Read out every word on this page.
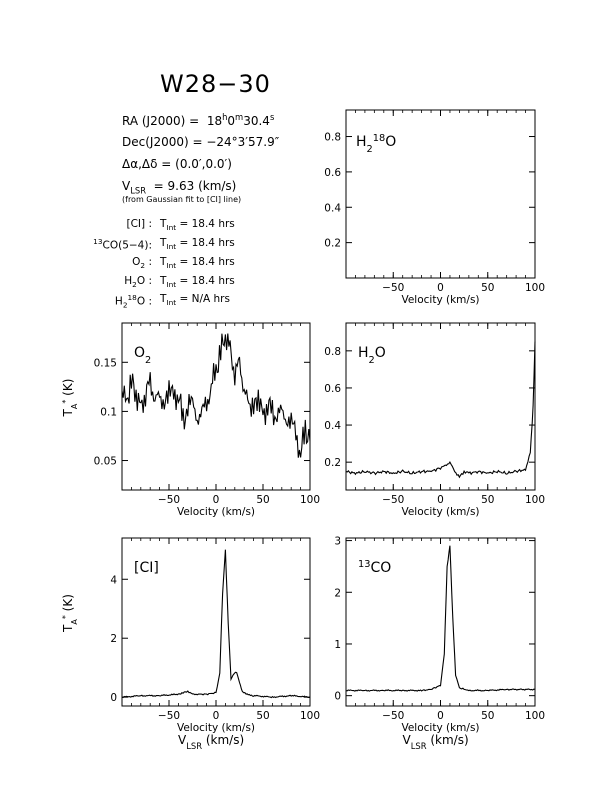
W28−30
RA (J2000) =  18$^h$0$^m$30.4$^s$
Dec(J2000) = −24°3′57.9″
Δα,Δδ = (0.0′,0.0′)
$V_{LSR} = 9.63$ (km/s)
(from Gaussian fit to [CI] line)
[CI] : $T_{Int} = 18.4$ hrs
$^{13}$CO(5−4): $T_{Int} = 18.4$ hrs
$O_2$ : $T_{Int} = 18.4$ hrs
$H_2O$ : $T_{Int} = 18.4$ hrs
$H_2^{18}O$ : $T_{Int} = N/A$ hrs
−50	0	50	100
0.2
0.4
0.6
0.8
Velocity (km/s)
$H_2^{18}O$
−50	0	50	100
0.05
0.1
0.15
Velocity (km/s)
$T_A^*$ (K)
$O_2$
−50	0	50	100
0.2
0.4
0.6
0.8
Velocity (km/s)
$H_2O$
−50	0	50	100
0
2
4
Velocity (km/s)
$V_{LSR}$ (km/s)
$T_A^*$ (K)
[CI]
−50	0	50	100
0
1
2
3
Velocity (km/s)
$V_{LSR}$ (km/s)
$^{13}$CO
